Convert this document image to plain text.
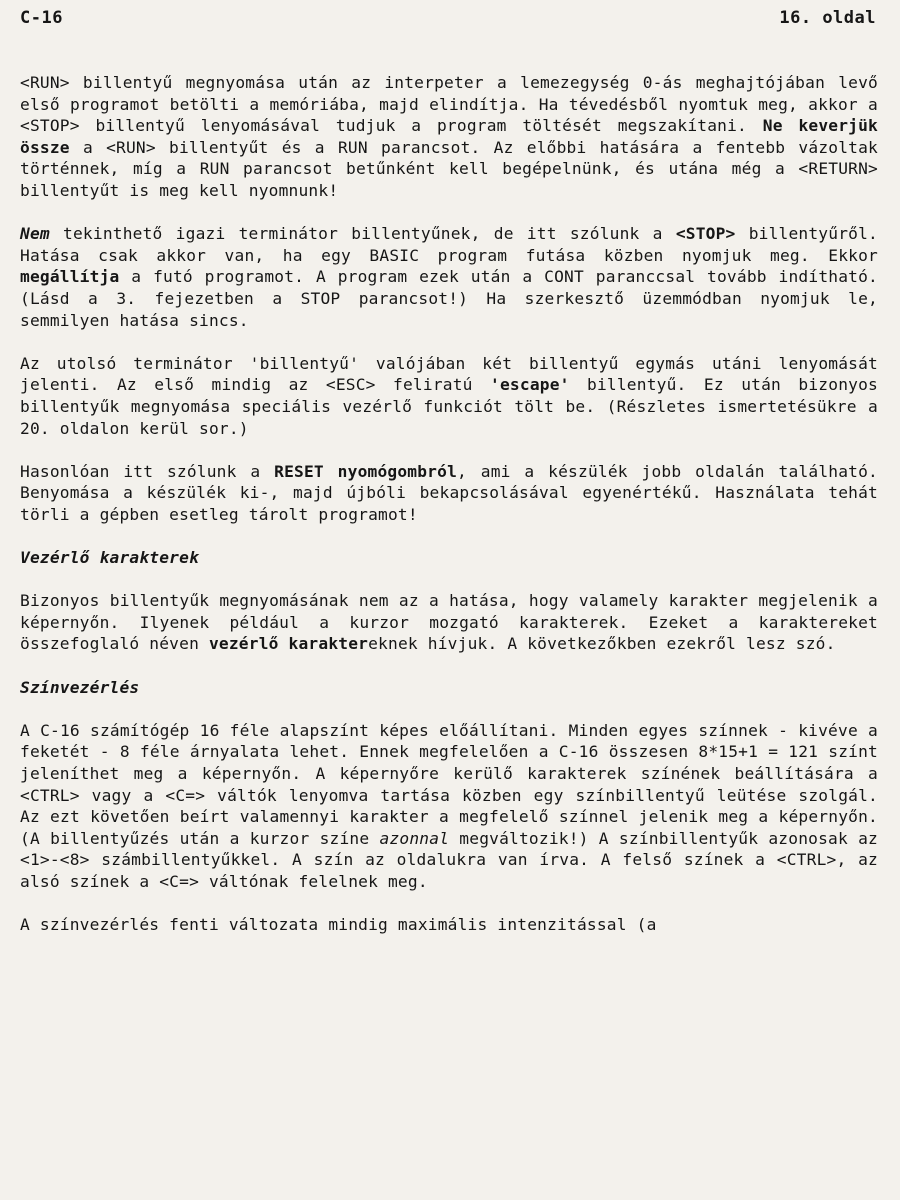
C-16	16. oldal

<RUN> billentyű megnyomása után az interpeter a lemezegység 0-ás meghajtójában levő első programot betölti a memóriába, majd elindítja. Ha tévedésből nyomtuk meg, akkor a <STOP> billentyű lenyomásával tudjuk a program töltését megszakítani. Ne keverjük össze a <RUN> billentyűt és a RUN parancsot. Az előbbi hatására a fentebb vázoltak történnek, míg a RUN parancsot betűnként kell begépelnünk, és utána még a <RETURN> billentyűt is meg kell nyomnunk!

Nem tekinthető igazi terminátor billentyűnek, de itt szólunk a <STOP> billentyűről. Hatása csak akkor van, ha egy BASIC program futása közben nyomjuk meg. Ekkor megállítja a futó programot. A program ezek után a CONT paranccsal tovább indítható. (Lásd a 3. fejezetben a STOP parancsot!) Ha szerkesztő üzemmódban nyomjuk le, semmilyen hatása sincs.

Az utolsó terminátor 'billentyű' valójában két billentyű egymás utáni lenyomását jelenti. Az első mindig az <ESC> feliratú 'escape' billentyű. Ez után bizonyos billentyűk megnyomása speciális vezérlő funkciót tölt be. (Részletes ismertetésükre a 20. oldalon kerül sor.)

Hasonlóan itt szólunk a RESET nyomógombról, ami a készülék jobb oldalán található. Benyomása a készülék ki-, majd újbóli bekapcsolásával egyenértékű. Használata tehát törli a gépben esetleg tárolt programot!

Vezérlő karakterek

Bizonyos billentyűk megnyomásának nem az a hatása, hogy valamely karakter megjelenik a képernyőn. Ilyenek például a kurzor mozgató karakterek. Ezeket a karaktereket összefoglaló néven vezérlő karaktereknek hívjuk. A következőkben ezekről lesz szó.

Színvezérlés

A C-16 számítógép 16 féle alapszínt képes előállítani. Minden egyes színnek - kivéve a feketét - 8 féle árnyalata lehet. Ennek megfelelően a C-16 összesen 8*15+1 = 121 színt jeleníthet meg a képernyőn. A képernyőre kerülő karakterek színének beállítására a <CTRL> vagy a <C=> váltók lenyomva tartása közben egy színbillentyű leütése szolgál. Az ezt követően beírt valamennyi karakter a megfelelő színnel jelenik meg a képernyőn. (A billentyűzés után a kurzor színe azonnal megváltozik!) A színbillentyűk azonosak az <1>-<8> számbillentyűkkel. A szín az oldalukra van írva. A felső színek a <CTRL>, az alsó színek a <C=> váltónak felelnek meg.

A színvezérlés fenti változata mindig maximális intenzitással (a
